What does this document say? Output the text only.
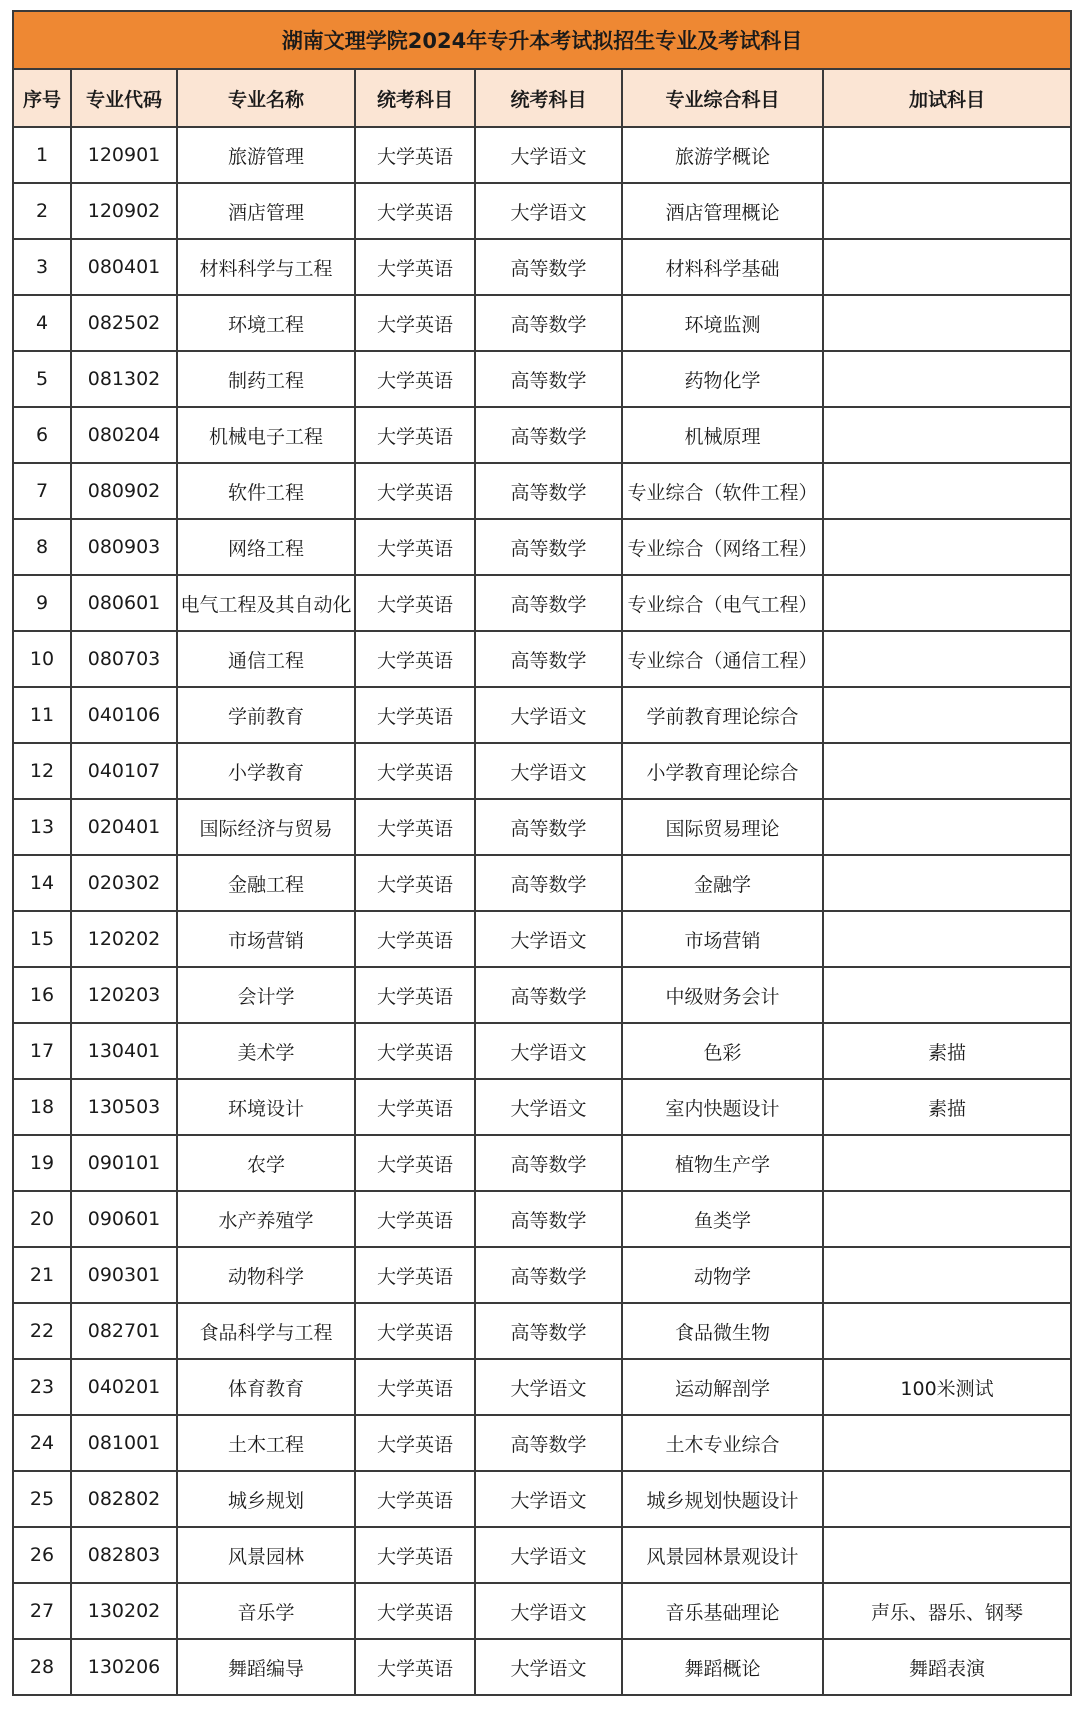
湖南文理学院2024年专升本考试拟招生专业及考试科目						
序号	专业代码	专业名称	统考科目	统考科目	专业综合科目	加试科目
1	120901	旅游管理	大学英语	大学语文	旅游学概论	
2	120902	酒店管理	大学英语	大学语文	酒店管理概论	
3	080401	材料科学与工程	大学英语	高等数学	材料科学基础	
4	082502	环境工程	大学英语	高等数学	环境监测	
5	081302	制药工程	大学英语	高等数学	药物化学	
6	080204	机械电子工程	大学英语	高等数学	机械原理	
7	080902	软件工程	大学英语	高等数学	专业综合（软件工程）	
8	080903	网络工程	大学英语	高等数学	专业综合（网络工程）	
9	080601	电气工程及其自动化	大学英语	高等数学	专业综合（电气工程）	
10	080703	通信工程	大学英语	高等数学	专业综合（通信工程）	
11	040106	学前教育	大学英语	大学语文	学前教育理论综合	
12	040107	小学教育	大学英语	大学语文	小学教育理论综合	
13	020401	国际经济与贸易	大学英语	高等数学	国际贸易理论	
14	020302	金融工程	大学英语	高等数学	金融学	
15	120202	市场营销	大学英语	大学语文	市场营销	
16	120203	会计学	大学英语	高等数学	中级财务会计	
17	130401	美术学	大学英语	大学语文	色彩	素描
18	130503	环境设计	大学英语	大学语文	室内快题设计	素描
19	090101	农学	大学英语	高等数学	植物生产学	
20	090601	水产养殖学	大学英语	高等数学	鱼类学	
21	090301	动物科学	大学英语	高等数学	动物学	
22	082701	食品科学与工程	大学英语	高等数学	食品微生物	
23	040201	体育教育	大学英语	大学语文	运动解剖学	100米测试
24	081001	土木工程	大学英语	高等数学	土木专业综合	
25	082802	城乡规划	大学英语	大学语文	城乡规划快题设计	
26	082803	风景园林	大学英语	大学语文	风景园林景观设计	
27	130202	音乐学	大学英语	大学语文	音乐基础理论	声乐、器乐、钢琴
28	130206	舞蹈编导	大学英语	大学语文	舞蹈概论	舞蹈表演
